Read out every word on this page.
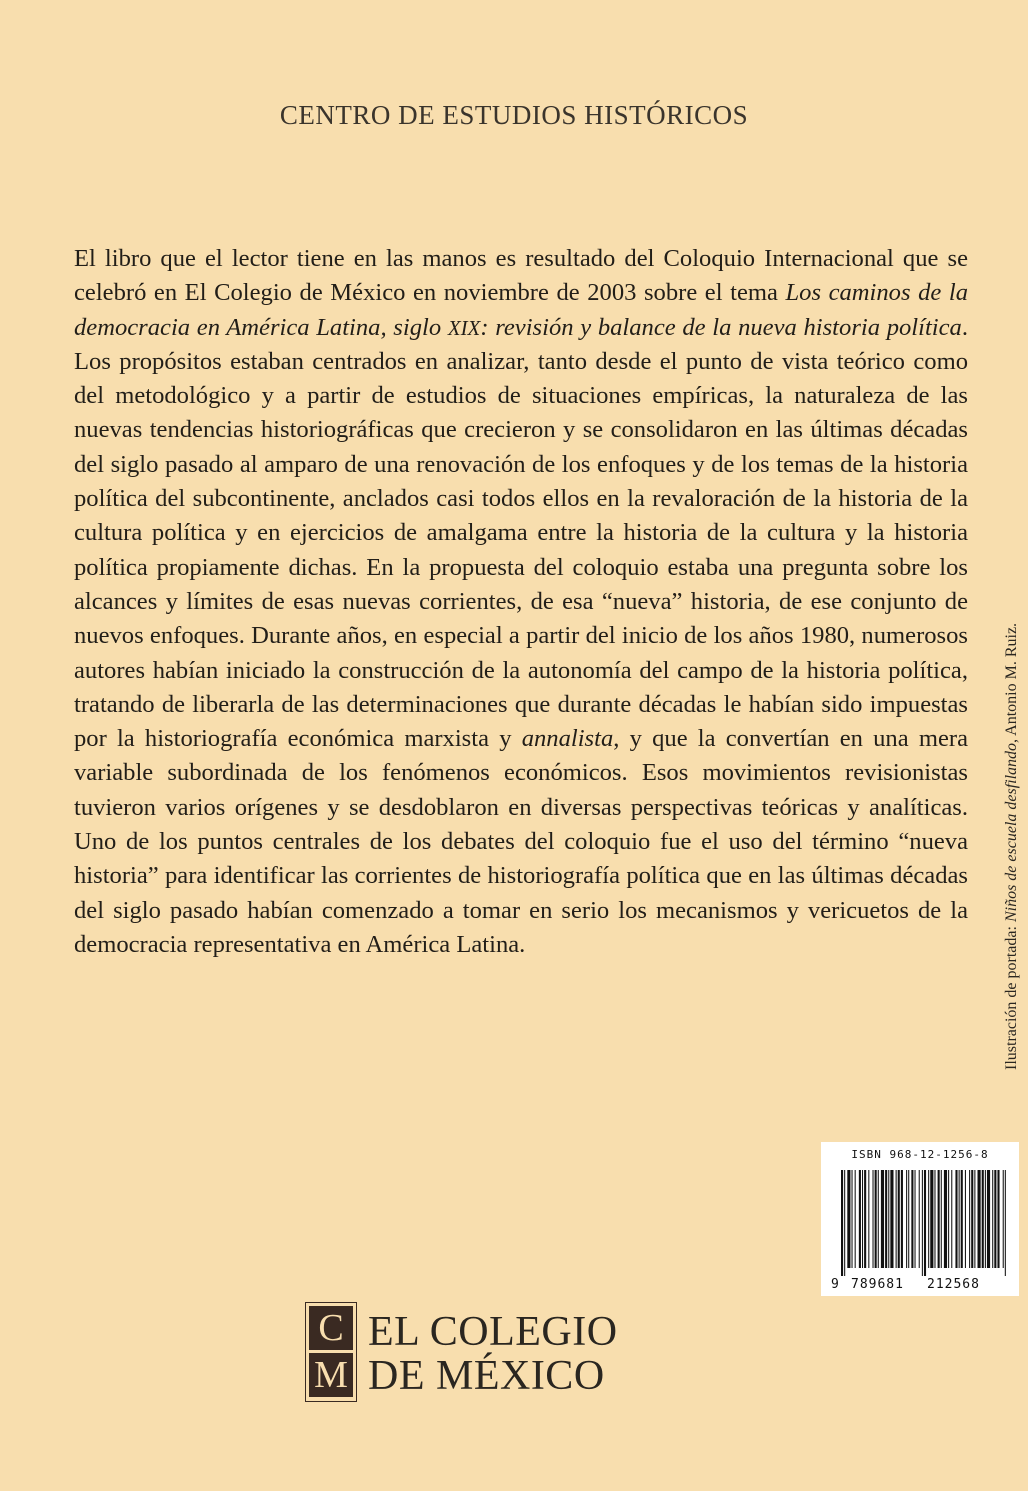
CENTRO DE ESTUDIOS HISTÓRICOS

El libro que el lector tiene en las manos es resultado del Coloquio Internacional que se celebró en El Colegio de México en noviembre de 2003 sobre el tema Los caminos de la democracia en América Latina, siglo XIX: revisión y balance de la nueva historia política. Los propósitos estaban centrados en analizar, tanto desde el punto de vista teórico como del metodológico y a partir de estudios de situaciones empíricas, la naturaleza de las nuevas tendencias historiográficas que crecieron y se consolidaron en las últimas décadas del siglo pasado al amparo de una renovación de los enfoques y de los temas de la historia política del subcontinente, anclados casi todos ellos en la revaloración de la historia de la cultura política y en ejercicios de amalgama entre la historia de la cultura y la historia política propiamente dichas. En la propuesta del coloquio estaba una pregunta sobre los alcances y límites de esas nuevas corrientes, de esa “nueva” historia, de ese conjunto de nuevos enfoques. Durante años, en especial a partir del inicio de los años 1980, numerosos autores habían iniciado la construcción de la autonomía del campo de la historia política, tratando de liberarla de las determinaciones que durante décadas le habían sido impuestas por la historiografía económica marxista y annalista, y que la convertían en una mera variable subordinada de los fenómenos económicos. Esos movimientos revisionistas tuvieron varios orígenes y se desdoblaron en diversas perspectivas teóricas y analíticas. Uno de los puntos centrales de los debates del coloquio fue el uso del término “nueva historia” para identificar las corrientes de historiografía política que en las últimas décadas del siglo pasado habían comenzado a tomar en serio los mecanismos y vericuetos de la democracia representativa en América Latina.	Ilustración de portada: Niños de escuela desfilando, Antonio M. Ruiz.
ISBN 968-12-1256-8
9 789681 212568
C
M
EL COLEGIO
DE MÉXICO
